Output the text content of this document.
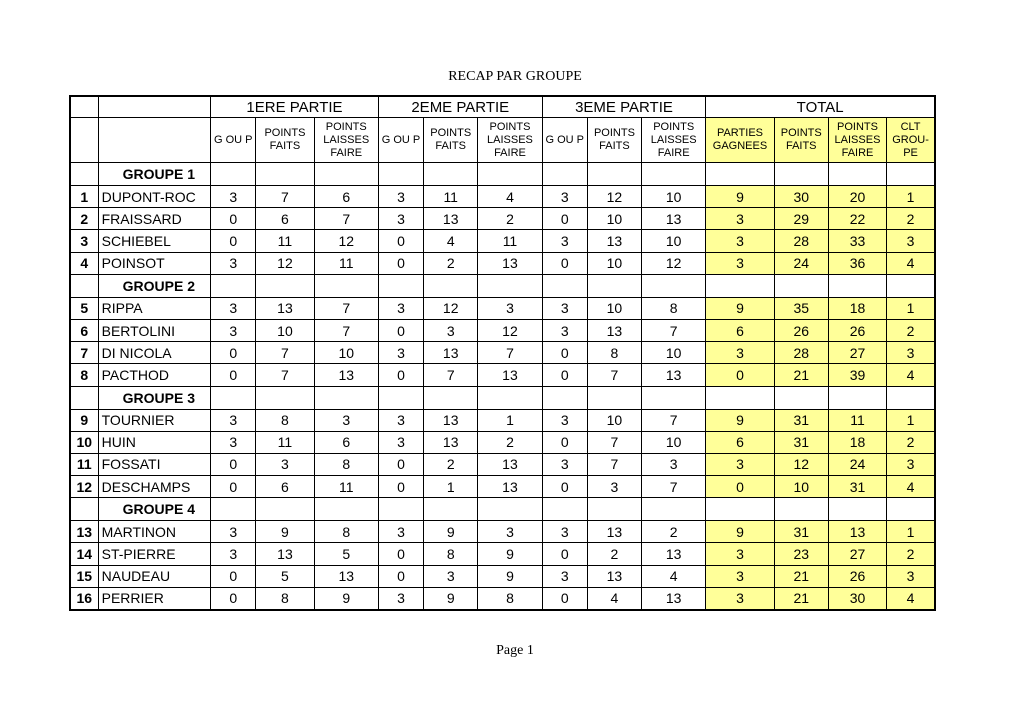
RECAP PAR GROUPE
		1ERE PARTIE			2EME PARTIE			3EME PARTIE			TOTAL			
		G OU P	POINTS FAITS	POINTS LAISSES FAIRE	G OU P	POINTS FAITS	POINTS LAISSES FAIRE	G OU P	POINTS FAITS	POINTS LAISSES FAIRE	PARTIES GAGNEES	POINTS FAITS	POINTS LAISSES FAIRE	CLT GROU- PE
	GROUPE 1													
1	DUPONT-ROC	3	7	6	3	11	4	3	12	10	9	30	20	1
2	FRAISSARD	0	6	7	3	13	2	0	10	13	3	29	22	2
3	SCHIEBEL	0	11	12	0	4	11	3	13	10	3	28	33	3
4	POINSOT	3	12	11	0	2	13	0	10	12	3	24	36	4
	GROUPE 2													
5	RIPPA	3	13	7	3	12	3	3	10	8	9	35	18	1
6	BERTOLINI	3	10	7	0	3	12	3	13	7	6	26	26	2
7	DI NICOLA	0	7	10	3	13	7	0	8	10	3	28	27	3
8	PACTHOD	0	7	13	0	7	13	0	7	13	0	21	39	4
	GROUPE 3													
9	TOURNIER	3	8	3	3	13	1	3	10	7	9	31	11	1
10	HUIN	3	11	6	3	13	2	0	7	10	6	31	18	2
11	FOSSATI	0	3	8	0	2	13	3	7	3	3	12	24	3
12	DESCHAMPS	0	6	11	0	1	13	0	3	7	0	10	31	4
	GROUPE 4													
13	MARTINON	3	9	8	3	9	3	3	13	2	9	31	13	1
14	ST-PIERRE	3	13	5	0	8	9	0	2	13	3	23	27	2
15	NAUDEAU	0	5	13	0	3	9	3	13	4	3	21	26	3
16	PERRIER	0	8	9	3	9	8	0	4	13	3	21	30	4
Page 1
